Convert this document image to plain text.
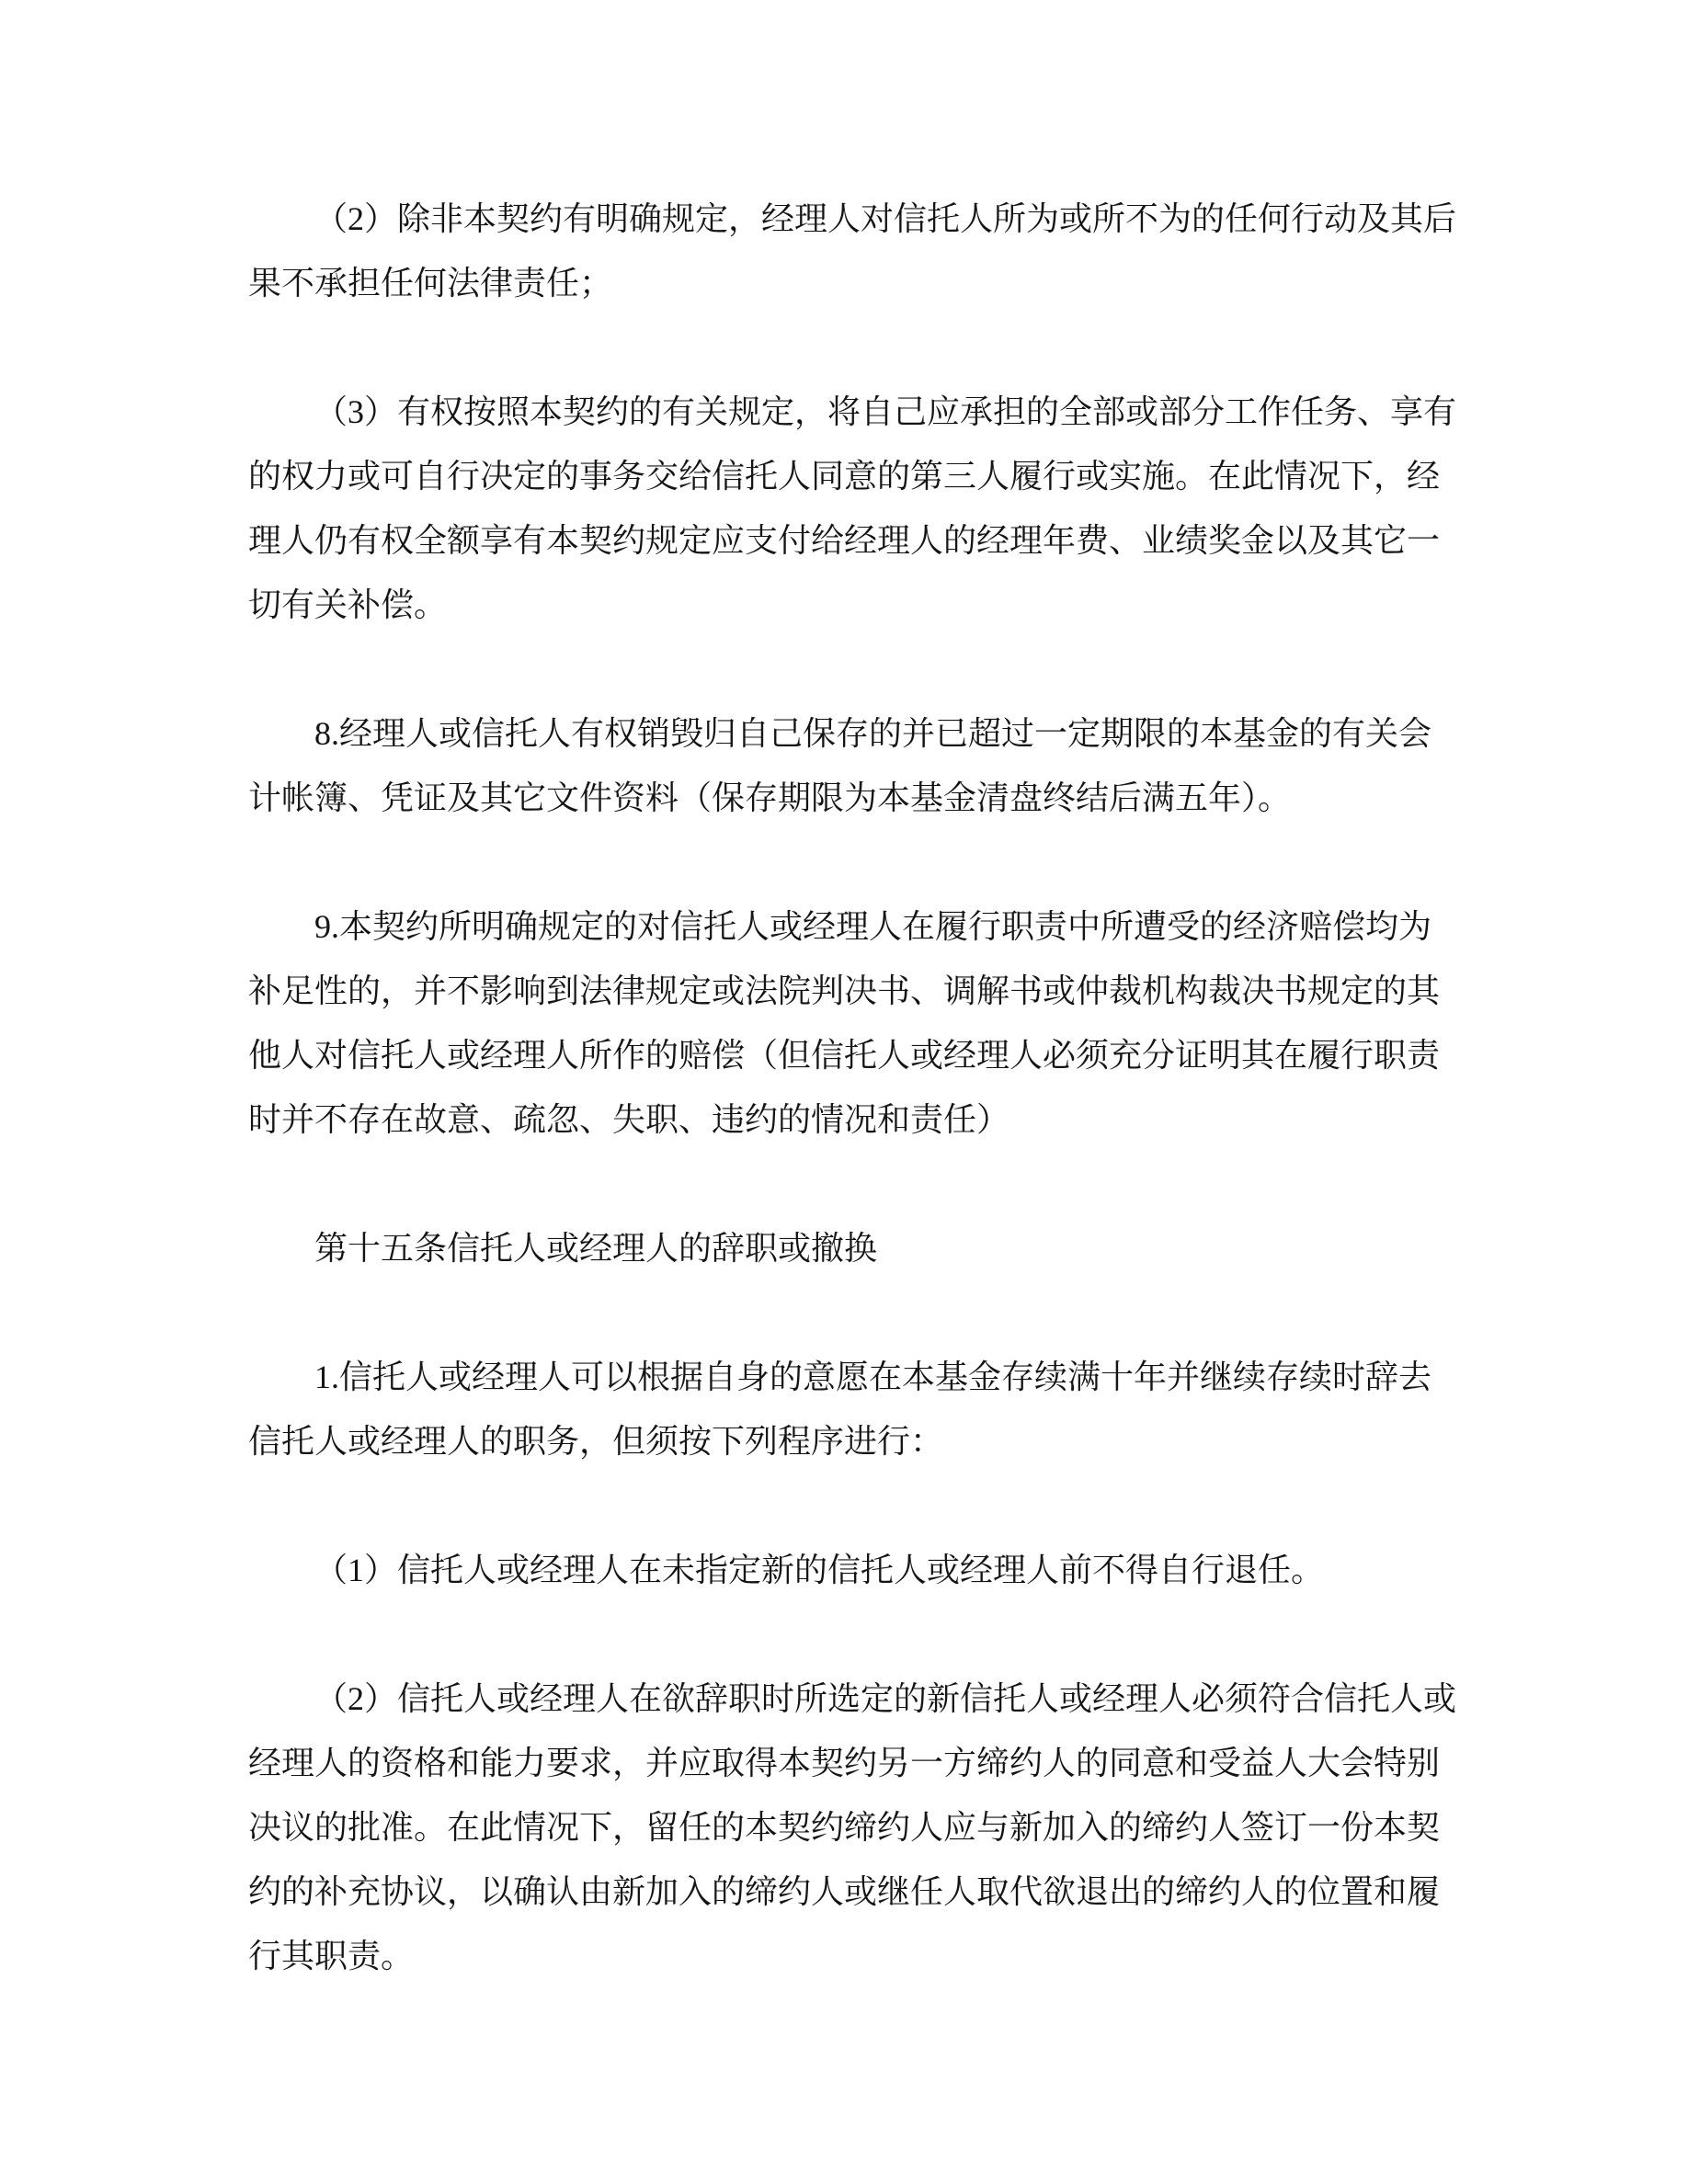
（2）除非本契约有明确规定，经理人对信托人所为或所不为的任何行动及其后
果不承担任何法律责任；

（3）有权按照本契约的有关规定，将自己应承担的全部或部分工作任务、享有
的权力或可自行决定的事务交给信托人同意的第三人履行或实施。在此情况下，经
理人仍有权全额享有本契约规定应支付给经理人的经理年费、业绩奖金以及其它一
切有关补偿。

8.经理人或信托人有权销毁归自己保存的并已超过一定期限的本基金的有关会
计帐簿、凭证及其它文件资料（保存期限为本基金清盘终结后满五年）。

9.本契约所明确规定的对信托人或经理人在履行职责中所遭受的经济赔偿均为
补足性的，并不影响到法律规定或法院判决书、调解书或仲裁机构裁决书规定的其
他人对信托人或经理人所作的赔偿（但信托人或经理人必须充分证明其在履行职责
时并不存在故意、疏忽、失职、违约的情况和责任）

第十五条信托人或经理人的辞职或撤换

1.信托人或经理人可以根据自身的意愿在本基金存续满十年并继续存续时辞去
信托人或经理人的职务，但须按下列程序进行：

（1）信托人或经理人在未指定新的信托人或经理人前不得自行退任。

（2）信托人或经理人在欲辞职时所选定的新信托人或经理人必须符合信托人或
经理人的资格和能力要求，并应取得本契约另一方缔约人的同意和受益人大会特别
决议的批准。在此情况下，留任的本契约缔约人应与新加入的缔约人签订一份本契
约的补充协议，以确认由新加入的缔约人或继任人取代欲退出的缔约人的位置和履
行其职责。
